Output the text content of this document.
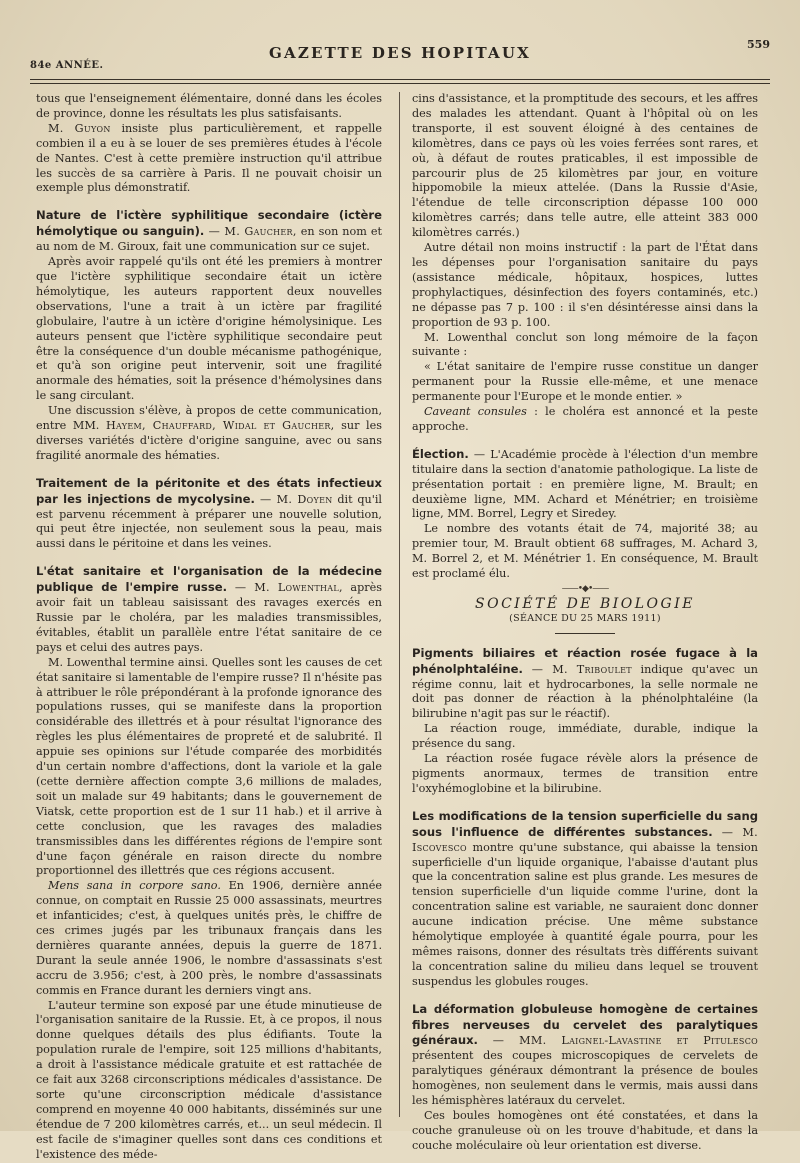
84e ANNÉE.
GAZETTE DES HOPITAUX	559

tous que l'enseignement élémentaire, donné dans les écoles de province, donne les résultats les plus satisfaisants.

M. Guyon insiste plus particulièrement, et rappelle combien il a eu à se louer de ses premières études à l'école de Nantes. C'est à cette première instruction qu'il attribue les succès de sa carrière à Paris. Il ne pouvait choisir un exemple plus démonstratif.

Nature de l'ictère syphilitique secondaire (ictère hémolytique ou sanguin). — M. Gaucher, en son nom et au nom de M. Giroux, fait une communication sur ce sujet.

Après avoir rappelé qu'ils ont été les premiers à montrer que l'ictère syphilitique secondaire était un ictère hémolytique, les auteurs rapportent deux nouvelles observations, l'une a trait à un ictère par fragilité globulaire, l'autre à un ictère d'origine hémolysinique. Les auteurs pensent que l'ictère syphilitique secondaire peut être la conséquence d'un double mécanisme pathogénique, et qu'à son origine peut intervenir, soit une fragilité anormale des hématies, soit la présence d'hémolysines dans le sang circulant.

Une discussion s'élève, à propos de cette communication, entre MM. Hayem, Chauffard, Widal et Gaucher, sur les diverses variétés d'ictère d'origine sanguine, avec ou sans fragilité anormale des hématies.

Traitement de la péritonite et des états infectieux par les injections de mycolysine. — M. Doyen dit qu'il est parvenu récemment à préparer une nouvelle solution, qui peut être injectée, non seulement sous la peau, mais aussi dans le péritoine et dans les veines.

L'état sanitaire et l'organisation de la médecine publique de l'empire russe. — M. Lowenthal, après avoir fait un tableau saisissant des ravages exercés en Russie par le choléra, par les maladies transmissibles, évitables, établit un parallèle entre l'état sanitaire de ce pays et celui des autres pays.

M. Lowenthal termine ainsi. Quelles sont les causes de cet état sanitaire si lamentable de l'empire russe? Il n'hésite pas à attribuer le rôle prépondérant à la profonde ignorance des populations russes, qui se manifeste dans la proportion considérable des illettrés et à pour résultat l'ignorance des règles les plus élémentaires de propreté et de salubrité. Il appuie ses opinions sur l'étude comparée des morbidités d'un certain nombre d'affections, dont la variole et la gale (cette dernière affection compte 3,6 millions de malades, soit un malade sur 49 habitants; dans le gouvernement de Viatsk, cette proportion est de 1 sur 11 hab.) et il arrive à cette conclusion, que les ravages des maladies transmissibles dans les différentes régions de l'empire sont d'une façon générale en raison directe du nombre proportionnel des illettrés que ces régions accusent.

Mens sana in corpore sano. En 1906, dernière année connue, on comptait en Russie 25 000 assassinats, meurtres et infanticides; c'est, à quelques unités près, le chiffre de ces crimes jugés par les tribunaux français dans les dernières quarante années, depuis la guerre de 1871. Durant la seule année 1906, le nombre d'assassinats s'est accru de 3.956; c'est, à 200 près, le nombre d'assassinats commis en France durant les derniers vingt ans.

L'auteur termine son exposé par une étude minutieuse de l'organisation sanitaire de la Russie. Et, à ce propos, il nous donne quelques détails des plus édifiants. Toute la population rurale de l'empire, soit 125 millions d'habitants, a droit à l'assistance médicale gratuite et est rattachée de ce fait aux 3268 circonscriptions médicales d'assistance. De sorte qu'une circonscription médicale d'assistance comprend en moyenne 40 000 habitants, disséminés sur une étendue de 7 200 kilomètres carrés, et... un seul médecin. Il est facile de s'imaginer quelles sont dans ces conditions et l'existence des méde-

cins d'assistance, et la promptitude des secours, et les affres des malades les attendant. Quant à l'hôpital où on les transporte, il est souvent éloigné à des centaines de kilomètres, dans ce pays où les voies ferrées sont rares, et où, à défaut de routes praticables, il est impossible de parcourir plus de 25 kilomètres par jour, en voiture hippomobile la mieux attelée. (Dans la Russie d'Asie, l'étendue de telle circonscription dépasse 100 000 kilomètres carrés; dans telle autre, elle atteint 383 000 kilomètres carrés.)

Autre détail non moins instructif : la part de l'État dans les dépenses pour l'organisation sanitaire du pays (assistance médicale, hôpitaux, hospices, luttes prophylactiques, désinfection des foyers contaminés, etc.) ne dépasse pas 7 p. 100 : il s'en désintéresse ainsi dans la proportion de 93 p. 100.

M. Lowenthal conclut son long mémoire de la façon suivante :

« L'état sanitaire de l'empire russe constitue un danger permanent pour la Russie elle-même, et une menace permanente pour l'Europe et le monde entier. »

Caveant consules : le choléra est annoncé et la peste approche.

Élection. — L'Académie procède à l'élection d'un membre titulaire dans la section d'anatomie pathologique. La liste de présentation portait : en première ligne, M. Brault; en deuxième ligne, MM. Achard et Ménétrier; en troisième ligne, MM. Borrel, Legry et Siredey.

Le nombre des votants était de 74, majorité 38; au premier tour, M. Brault obtient 68 suffrages, M. Achard 3, M. Borrel 2, et M. Ménétrier 1. En conséquence, M. Brault est proclamé élu.

——•◆•——

SOCIÉTÉ DE BIOLOGIE

(SÉANCE DU 25 MARS 1911)

Pigments biliaires et réaction rosée fugace à la phénolphtaléine. — M. Triboulet indique qu'avec un régime connu, lait et hydrocarbones, la selle normale ne doit pas donner de réaction à la phénolphtaléine (la bilirubine n'agit pas sur le réactif).

La réaction rouge, immédiate, durable, indique la présence du sang.

La réaction rosée fugace révèle alors la présence de pigments anormaux, termes de transition entre l'oxyhémoglobine et la bilirubine.

Les modifications de la tension superficielle du sang sous l'influence de différentes substances. — M. Iscovesco montre qu'une substance, qui abaisse la tension superficielle d'un liquide organique, l'abaisse d'autant plus que la concentration saline est plus grande. Les mesures de tension superficielle d'un liquide comme l'urine, dont la concentration saline est variable, ne sauraient donc donner aucune indication précise. Une même substance hémolytique employée à quantité égale pourra, pour les mêmes raisons, donner des résultats très différents suivant la concentration saline du milieu dans lequel se trouvent suspendus les globules rouges.

La déformation globuleuse homogène de certaines fibres nerveuses du cervelet des paralytiques généraux. — MM. Laignel-Lavastine et Pitulesco présentent des coupes microscopiques de cervelets de paralytiques généraux démontrant la présence de boules homogènes, non seulement dans le vermis, mais aussi dans les hémisphères latéraux du cervelet.

Ces boules homogènes ont été constatées, et dans la couche granuleuse où on les trouve d'habitude, et dans la couche moléculaire où leur orientation est diverse.
